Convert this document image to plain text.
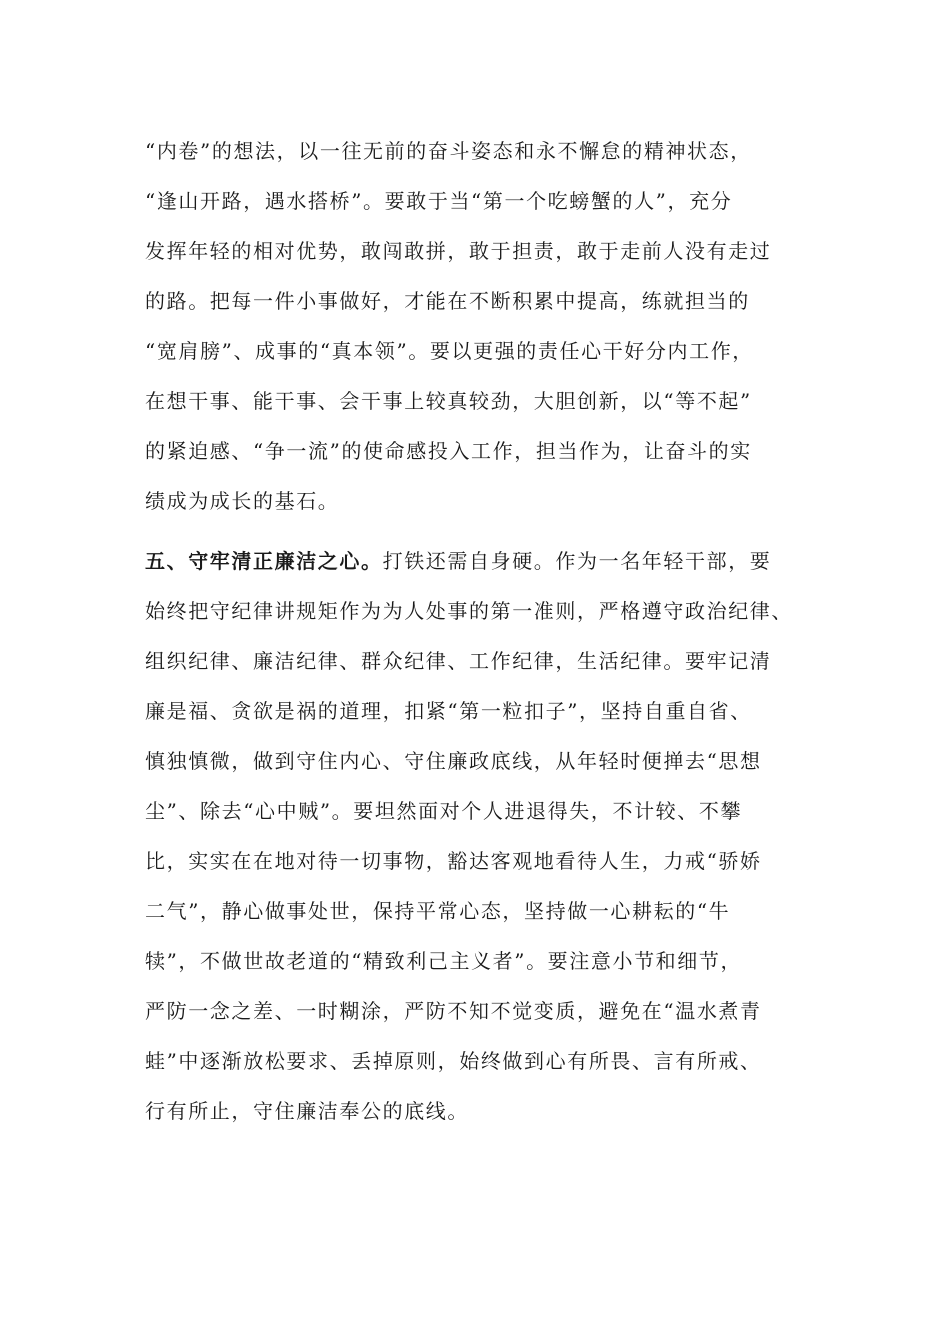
“内卷”的想法，以一往无前的奋斗姿态和永不懈怠的精神状态，
“逢山开路，遇水搭桥”。要敢于当“第一个吃螃蟹的人”，充分
发挥年轻的相对优势，敢闯敢拼，敢于担责，敢于走前人没有走过
的路。把每一件小事做好，才能在不断积累中提高，练就担当的
“宽肩膀”、成事的“真本领”。要以更强的责任心干好分内工作，
在想干事、能干事、会干事上较真较劲，大胆创新，以“等不起”
的紧迫感、“争一流”的使命感投入工作，担当作为，让奋斗的实
绩成为成长的基石。
五、守牢清正廉洁之心。打铁还需自身硬。作为一名年轻干部，要
始终把守纪律讲规矩作为为人处事的第一准则，严格遵守政治纪律、
组织纪律、廉洁纪律、群众纪律、工作纪律，生活纪律。要牢记清
廉是福、贪欲是祸的道理，扣紧“第一粒扣子”，坚持自重自省、
慎独慎微，做到守住内心、守住廉政底线，从年轻时便掸去“思想
尘”、除去“心中贼”。要坦然面对个人进退得失，不计较、不攀
比，实实在在地对待一切事物，豁达客观地看待人生，力戒“骄娇
二气”，静心做事处世，保持平常心态，坚持做一心耕耘的“牛
犊”，不做世故老道的“精致利己主义者”。要注意小节和细节，
严防一念之差、一时糊涂，严防不知不觉变质，避免在“温水煮青
蛙”中逐渐放松要求、丢掉原则，始终做到心有所畏、言有所戒、
行有所止，守住廉洁奉公的底线。
